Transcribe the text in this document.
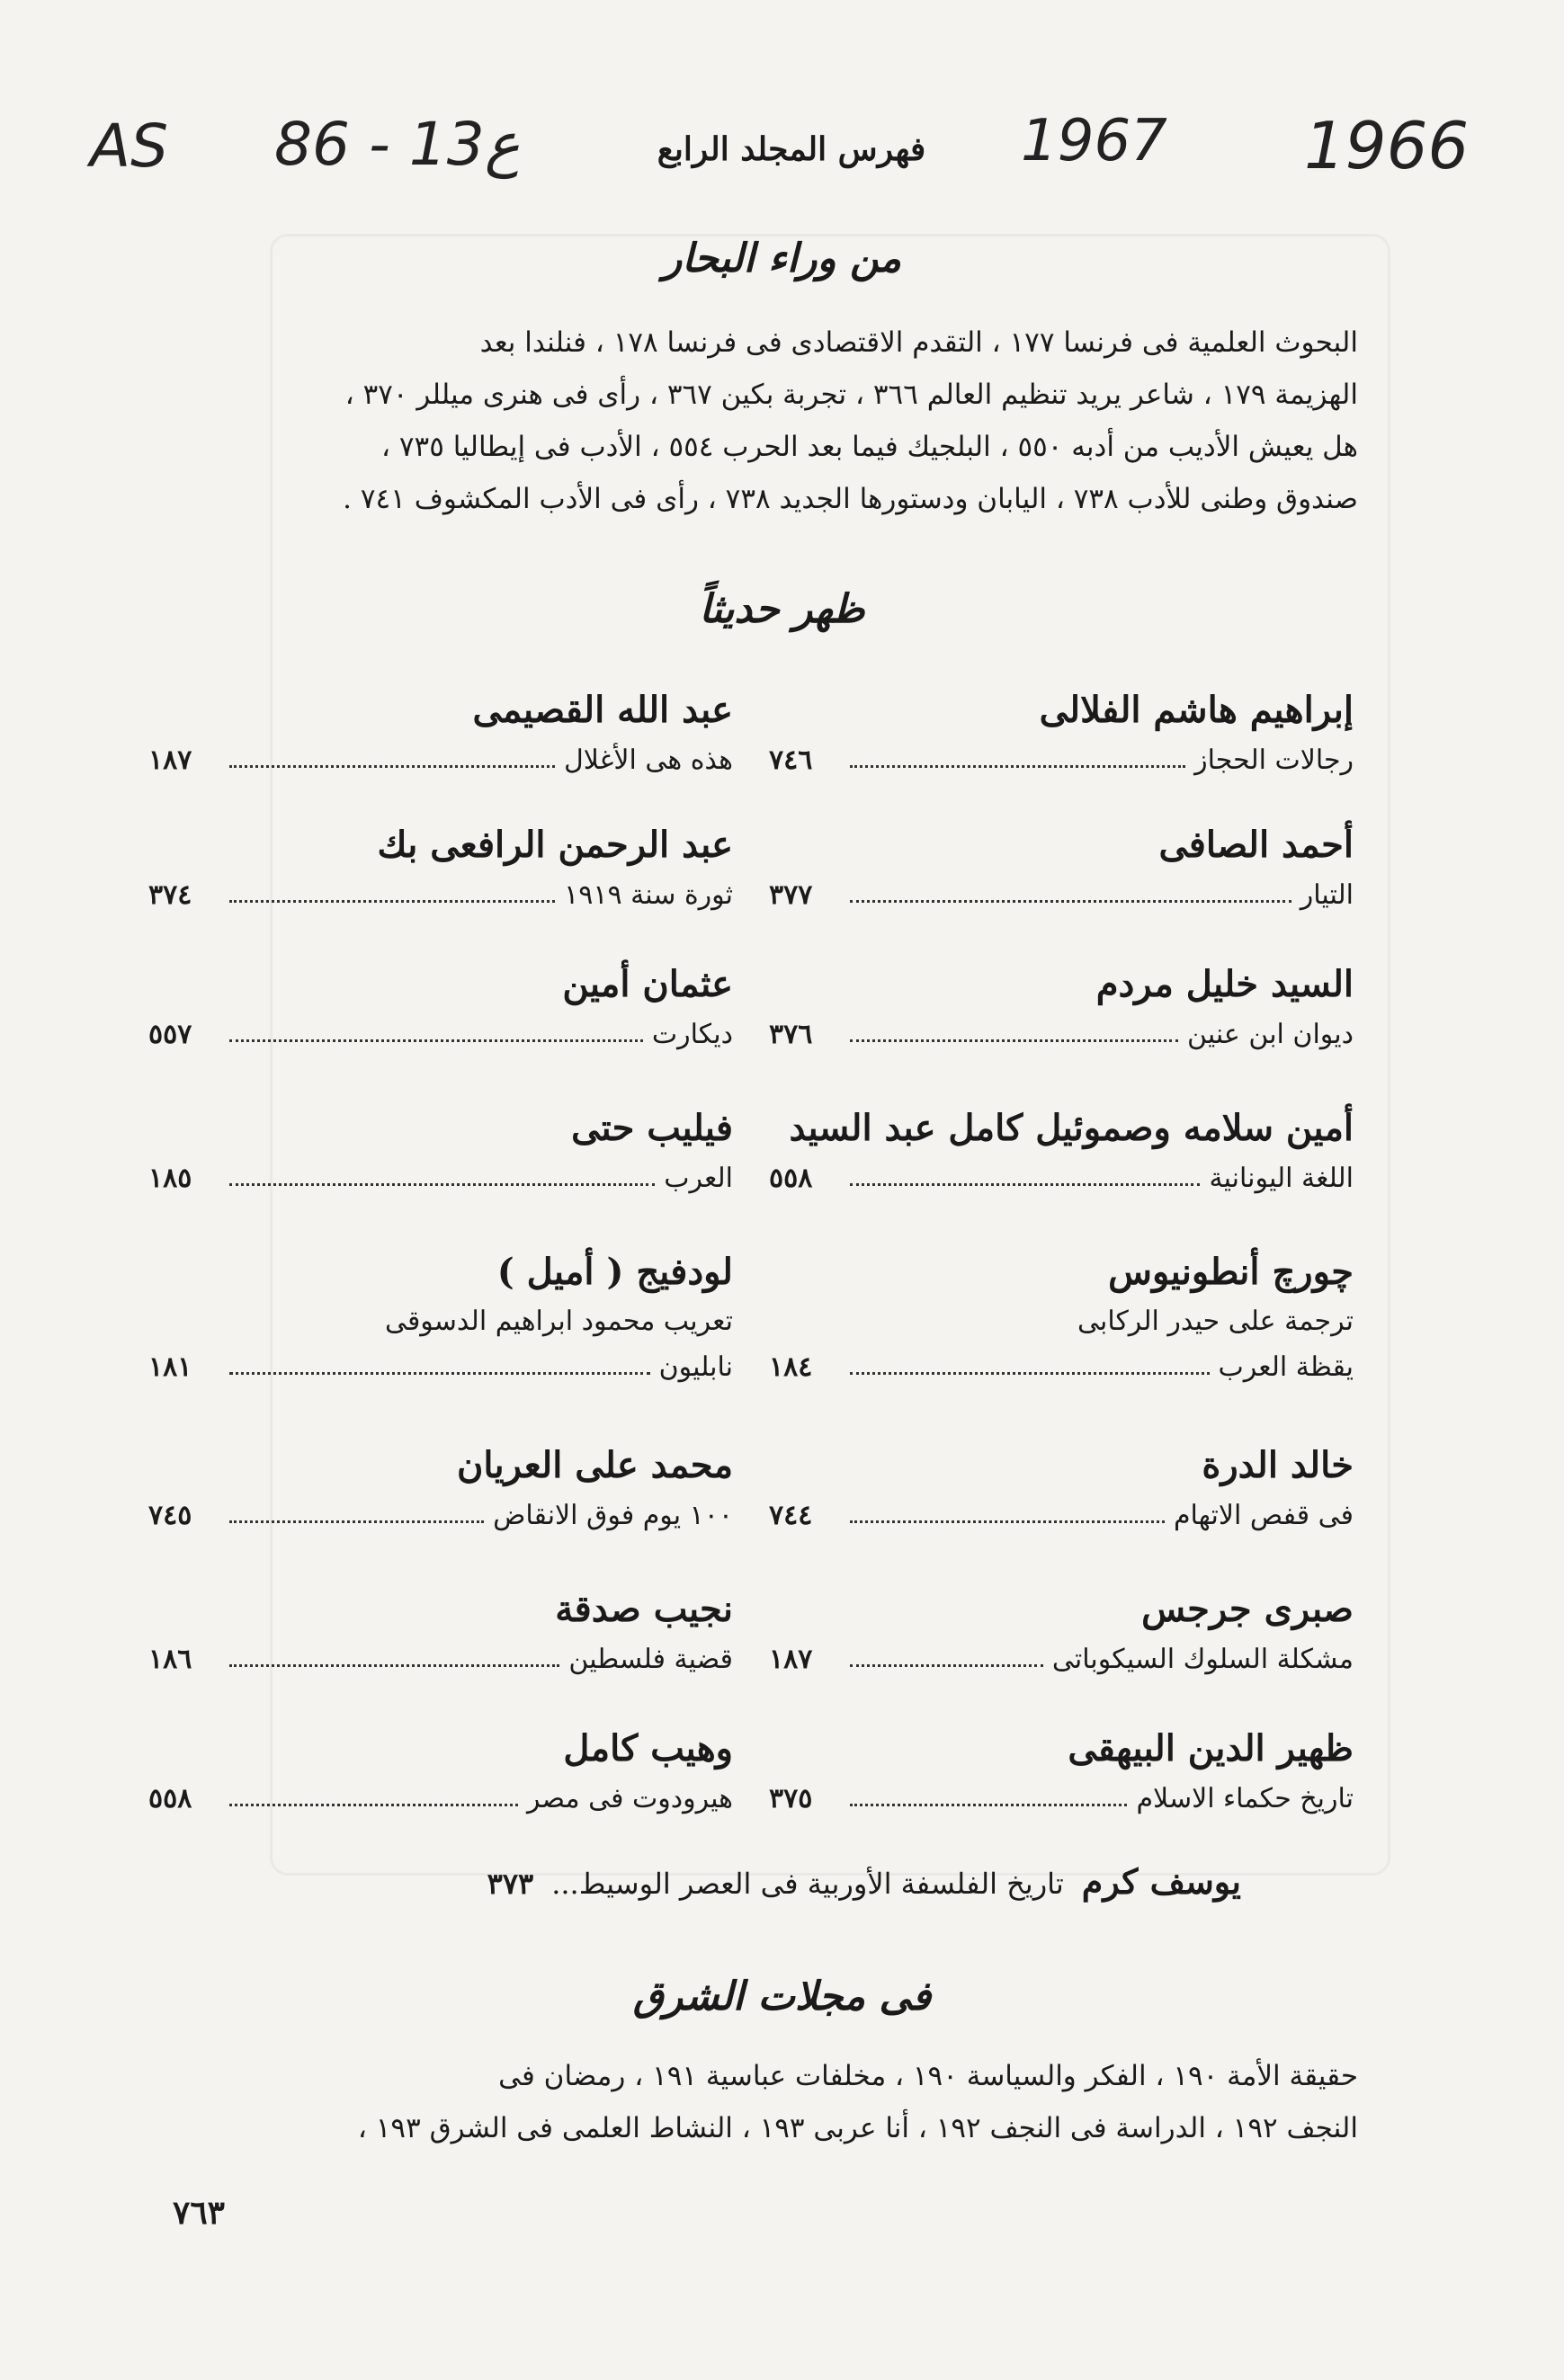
1966
1967
86 - 13ع
AS	فهرس المجلد الرابع
من وراء البحار
البحوث العلمية فى فرنسا ١٧٧ ، التقدم الاقتصادى فى فرنسا ١٧٨ ، فنلندا بعد
الهزيمة ١٧٩ ، شاعر يريد تنظيم العالم ٣٦٦ ، تجربة بكين ٣٦٧ ، رأى فى هنرى ميللر ٣٧٠ ،
هل يعيش الأديب من أدبه ٥٥٠ ، البلجيك فيما بعد الحرب ٥٥٤ ، الأدب فى إيطاليا ٧٣٥ ،
صندوق وطنى للأدب ٧٣٨ ، اليابان ودستورها الجديد ٧٣٨ ، رأى فى الأدب المكشوف ٧٤١ .
ظهر حديثاً
إبراهيم هاشم الفلالى
رجالات الحجاز
٧٤٦
أحمد الصافى
التيار
٣٧٧
السيد خليل مردم
ديوان ابن عنين
٣٧٦
أمين سلامه وصموئيل كامل عبد السيد
اللغة اليونانية
٥٥٨
چورچ أنطونيوس
ترجمة على حيدر الركابى
يقظة العرب
١٨٤
خالد الدرة
فى قفص الاتهام
٧٤٤
صبرى جرجس
مشكلة السلوك السيكوباتى
١٨٧
ظهير الدين البيهقى
تاريخ حكماء الاسلام
٣٧٥
عبد الله القصيمى
هذه هى الأغلال
١٨٧
عبد الرحمن الرافعى بك
ثورة سنة ١٩١٩
٣٧٤
عثمان أمين
ديكارت
٥٥٧
فيليب حتى
العرب
١٨٥
لودفيج ( أميل )
تعريب محمود ابراهيم الدسوقى
نابليون
١٨١
محمد على العريان
١٠٠ يوم فوق الانقاض
٧٤٥
نجيب صدقة
قضية فلسطين
١٨٦
وهيب كامل
هيرودوت فى مصر
٥٥٨
يوسف كرم
تاريخ الفلسفة الأوربية فى العصر الوسيط...
٣٧٣
فى مجلات الشرق
حقيقة الأمة ١٩٠ ، الفكر والسياسة ١٩٠ ، مخلفات عباسية ١٩١ ، رمضان فى
النجف ١٩٢ ، الدراسة فى النجف ١٩٢ ، أنا عربى ١٩٣ ، النشاط العلمى فى الشرق ١٩٣ ،
٧٦٣
